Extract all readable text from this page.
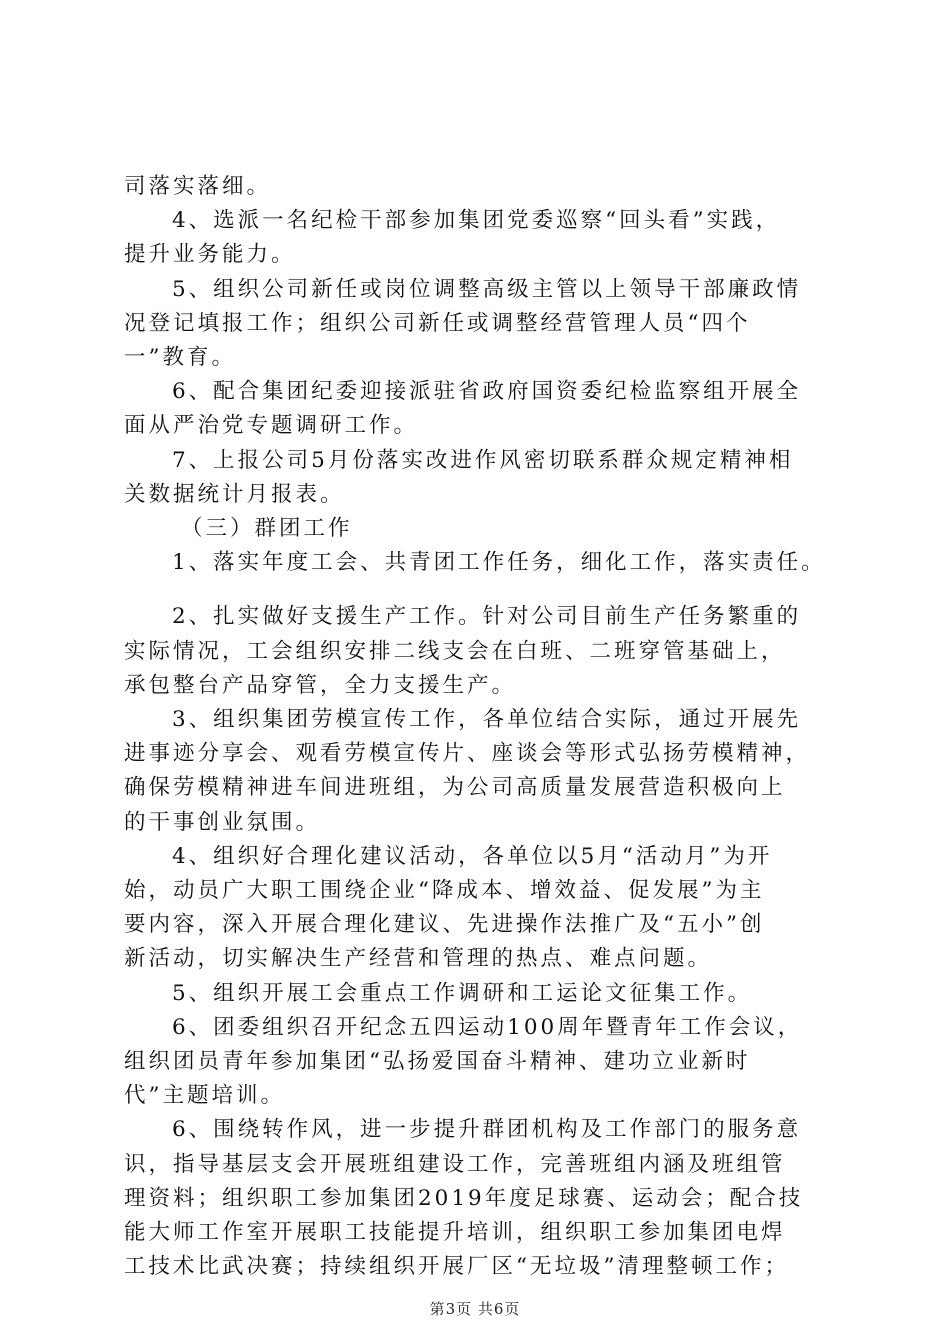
司落实落细。
4、选派一名纪检干部参加集团党委巡察“回头看”实践，
提升业务能力。
5、组织公司新任或岗位调整高级主管以上领导干部廉政情
况登记填报工作；组织公司新任或调整经营管理人员“四个
一”教育。
6、配合集团纪委迎接派驻省政府国资委纪检监察组开展全
面从严治党专题调研工作。
7、上报公司5月份落实改进作风密切联系群众规定精神相
关数据统计月报表。
（三）群团工作
1、落实年度工会、共青团工作任务，细化工作，落实责任。
2、扎实做好支援生产工作。针对公司目前生产任务繁重的
实际情况，工会组织安排二线支会在白班、二班穿管基础上，
承包整台产品穿管，全力支援生产。
3、组织集团劳模宣传工作，各单位结合实际，通过开展先
进事迹分享会、观看劳模宣传片、座谈会等形式弘扬劳模精神，
确保劳模精神进车间进班组，为公司高质量发展营造积极向上
的干事创业氛围。
4、组织好合理化建议活动，各单位以5月“活动月”为开
始，动员广大职工围绕企业“降成本、增效益、促发展”为主
要内容，深入开展合理化建议、先进操作法推广及“五小”创
新活动，切实解决生产经营和管理的热点、难点问题。
5、组织开展工会重点工作调研和工运论文征集工作。
6、团委组织召开纪念五四运动100周年暨青年工作会议，
组织团员青年参加集团“弘扬爱国奋斗精神、建功立业新时
代”主题培训。
6、围绕转作风，进一步提升群团机构及工作部门的服务意
识，指导基层支会开展班组建设工作，完善班组内涵及班组管
理资料；组织职工参加集团2019年度足球赛、运动会；配合技
能大师工作室开展职工技能提升培训，组织职工参加集团电焊
工技术比武决赛；持续组织开展厂区“无垃圾”清理整顿工作；
第3页 共6页
